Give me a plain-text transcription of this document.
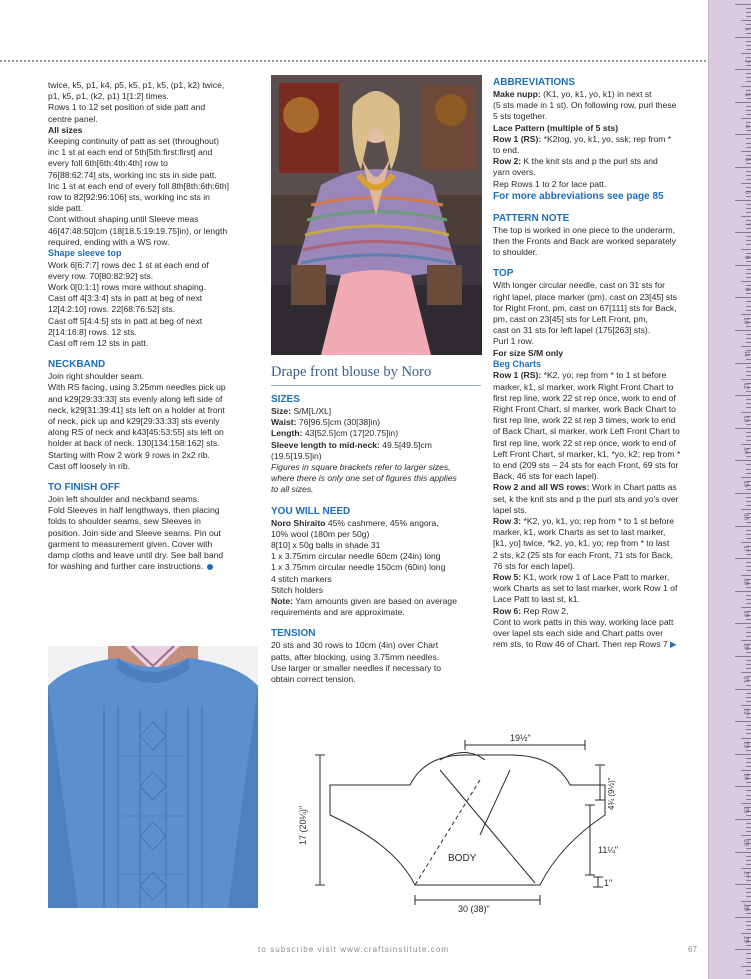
1
2
3
4
5
6
7
8
9
10
11
12
13
14
15
16
17
18
19
20
21
22
23
24
25
26
27
28
29

twice, k5, p1, k4, p5, k5, p1, k5, (p1, k2) twice,

p1, k5, p1, (k2, p1) 1[1:2] times.

Rows 1 to 12 set position of side patt and

centre panel.

All sizes

Keeping continuity of patt as set (throughout)

inc 1 st at each end of 5th[5th:first:first] and

every foll 6th[6th:4th:4th] row to

76[88:62:74] sts, working inc sts in side patt.

Inc 1 st at each end of every foll 8th[8th:6th:6th]

row to 82[92:96:106] sts, working inc sts in

side patt.

Cont without shaping until Sleeve meas

46[47:48:50]cm (18[18.5:19:19.75]in), or length

required, ending with a WS row.

Shape sleeve top

Work 6[6:7:7] rows dec 1 st at each end of

every row. 70[80:82:92] sts.

Work 0[0:1:1] rows more without shaping.

Cast off 4[3:3:4] sts in patt at beg of next

12[4:2:10] rows. 22[68:76:52] sts.

Cast off 5[4:4:5] sts in patt at beg of next

2[14:16:8] rows. 12 sts.

Cast off rem 12 sts in patt.

NECKBAND

Join right shoulder seam.

With RS facing, using 3.25mm needles pick up

and k29[29:33:33] sts evenly along left side of

neck, k29[31:39:41] sts left on a holder at front

of neck, pick up and k29[29:33:33] sts evenly

along RS of neck and k43[45:53:55] sts left on

holder at back of neck. 130[134:158:162] sts.

Starting with Row 2 work 9 rows in 2x2 rib.

Cast off loosely in rib.

TO FINISH OFF

Join left shoulder and neckband seams.

Fold Sleeves in half lengthways, then placing

folds to shoulder seams, sew Sleeves in

position. Join side and Sleeve seams. Pin out

garment to measurement given. Cover with

damp cloths and leave until dry. See ball band

for washing and further care instructions.

Drape front blouse by Noro

SIZES

Size: S/M[L/XL]

Waist: 76[96.5]cm (30[38]in)

Length: 43[52.5]cm (17[20.75]in)

Sleeve length to mid-neck: 49.5[49.5]cm

(19.5[19.5]in)

Figures in square brackets refer to larger sizes,

where there is only one set of figures this applies

to all sizes.

YOU WILL NEED

Noro Shiraito 45% cashmere, 45% angora,

10% wool (180m per 50g)

8[10] x 50g balls in shade 31

1 x 3.75mm circular needle 60cm (24in) long

1 x 3.75mm circular needle 150cm (60in) long

4 stitch markers

Stitch holders

Note: Yarn amounts given are based on average

requirements and are approximate.

TENSION

20 sts and 30 rows to 10cm (4in) over Chart

patts, after blocking, using 3.75mm needles.

Use larger or smaller needles if necessary to

obtain correct tension.

ABBREVIATIONS

Make nupp: (K1, yo, k1, yo, k1) in next st

(5 sts made in 1 st). On following row, purl these

5 sts together.

Lace Pattern (multiple of 5 sts)

Row 1 (RS): *K2tog, yo, k1, yo, ssk; rep from *

to end.

Row 2: K the knit sts and p the purl sts and

yarn overs.

Rep Rows 1 to 2 for lace patt.

For more abbreviations see page 85

PATTERN NOTE

The top is worked in one piece to the underarm,

then the Fronts and Back are worked separately

to shoulder.

TOP

With longer circular needle, cast on 31 sts for

right lapel, place marker (pm), cast on 23[45] sts

for Right Front, pm, cast on 67[111] sts for Back,

pm, cast on 23[45] sts for Left Front, pm,

cast on 31 sts for left lapel (175[263] sts).

Purl 1 row.

For size S/M only

Beg Charts

Row 1 (RS): *K2, yo; rep from * to 1 st before

marker, k1, sl marker, work Right Front Chart to

first rep line, work 22 st rep once, work to end of

Right Front Chart, sl marker, work Back Chart to

first rep line, work 22 st rep 3 times, work to end

of Back Chart, sl marker, work Left Front Chart to

first rep line, work 22 st rep once, work to end of

Left Front Chart, sl marker, k1, *yo, k2; rep from *

to end (209 sts – 24 sts for each Front, 69 sts for

Back, 46 sts for each lapel).

Row 2 and all WS rows: Work in Chart patts as

set, k the knit sts and p the purl sts and yo's over

lapel sts.

Row 3: *K2, yo, k1, yo; rep from * to 1 st before

marker, k1, work Charts as set to last marker,

[k1, yo] twice, *k2, yo, k1, yo; rep from * to last

2 sts, k2 (25 sts for each Front, 71 sts for Back,

76 sts for each lapel).

Row 5: K1, work row 1 of Lace Patt to marker,

work Charts as set to last marker, work Row 1 of

Lace Patt to last st, k1.

Row 6: Rep Row 2.

Cont to work patts in this way, working lace patt

over lapel sts each side and Chart patts over

rem sts, to Row 46 of Chart. Then rep Rows 7 ▶

19½"
17 (20¼)"
4¾ (9½)"
11¼"
1"
BODY
30 (38)"
to subscribe visit www.craftsinstitute.com	67
